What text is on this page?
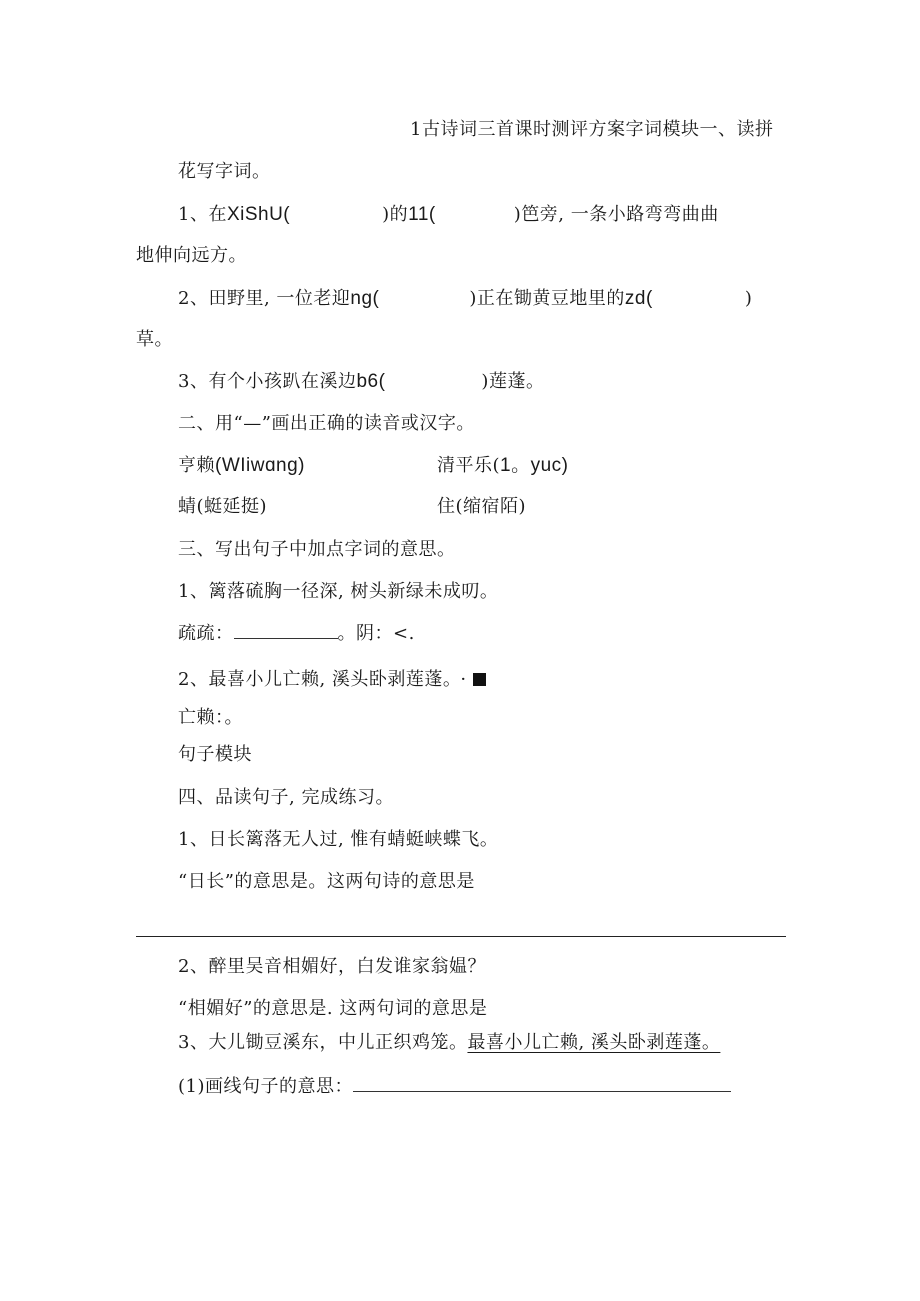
1古诗词三首课时测评方案字词模块一、读拼
花写字词。
1、在XiShU(	)的11(	)笆旁, 一条小路弯弯曲曲
地伸向远方。
2、田野里, 一位老迎ng(	)正在锄黄豆地里的zd(	)
草。
3、有个小孩趴在溪边b6(	)莲蓬。
二、用“—”画出正确的读音或汉字。
亨赖(WIiwɑng)	清平乐(1。yuc)
蜻(蜓延挺)	住(缩宿陌)
三、写出句子中加点字词的意思。
1、篱落硫胸一径深, 树头新绿未成叨。
疏疏：	。阴：<.
2、最喜小儿亡赖, 溪头卧剥莲蓬。 ·
亡赖：。
句子模块
四、品读句子, 完成练习。
1、日长篱落无人过, 惟有蜻蜓峡蝶飞。
“日长”的意思是。这两句诗的意思是
2、醉里吴音相媚好，白发谁家翁媪？
“相媚好”的意思是. 这两句词的意思是
3、大儿锄豆溪东，中儿正织鸡笼。最喜小儿亡赖, 溪头卧剥莲蓬。
(1)画线句子的意思：
